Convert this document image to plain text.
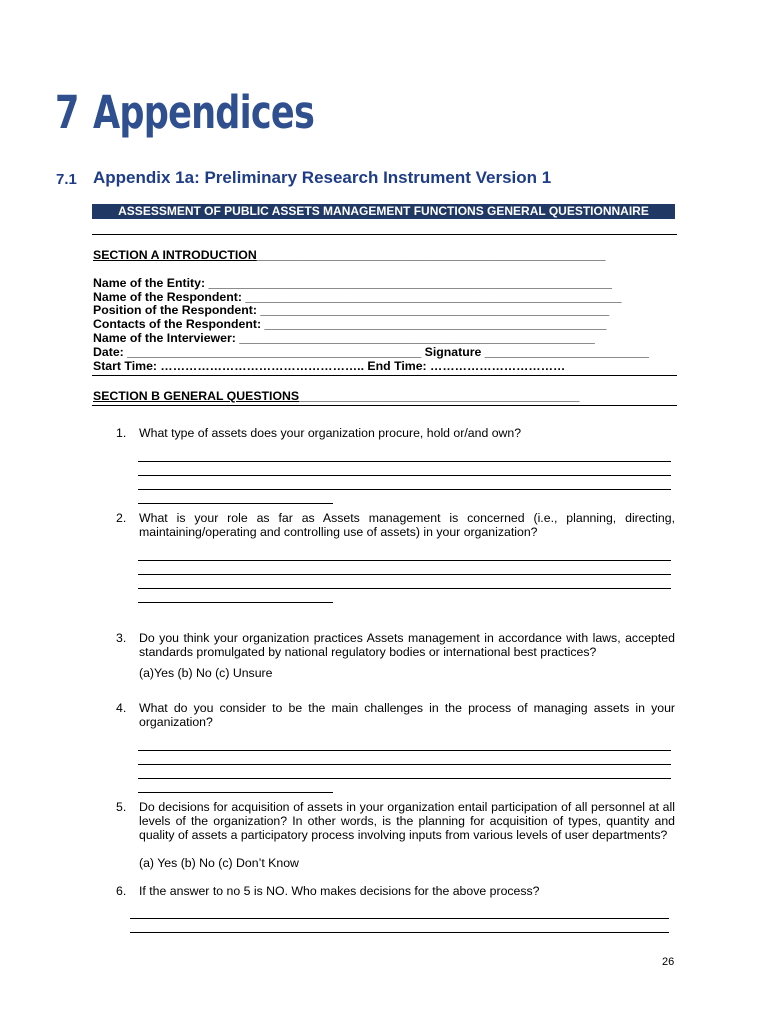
7 Appendices
7.1 Appendix 1a: Preliminary Research Instrument Version 1
ASSESSMENT OF PUBLIC ASSETS MANAGEMENT FUNCTIONS GENERAL QUESTIONNAIRE
SECTION A INTRODUCTION___________________________________________________
Name of the Entity: ___________________________________________________________
Name of the Respondent: _______________________________________________________
Position of the Respondent: ___________________________________________________
Contacts of the Respondent: __________________________________________________
Name of the Interviewer: ____________________________________________________
Date: ___________________________________________ Signature ________________________
Start Time: ………………………………………….. End Time: ……………………………
SECTION B GENERAL QUESTIONS_________________________________________
1. What type of assets does your organization procure, hold or/and own?
2. What is your role as far as Assets management is concerned (i.e., planning, directing, maintaining/operating and controlling use of assets) in your organization?
3. Do you think your organization practices Assets management in accordance with laws, accepted standards promulgated by national regulatory bodies or international best practices?
(a)Yes (b) No (c) Unsure
4. What do you consider to be the main challenges in the process of managing assets in your organization?
5. Do decisions for acquisition of assets in your organization entail participation of all personnel at all levels of the organization? In other words, is the planning for acquisition of types, quantity and quality of assets a participatory process involving inputs from various levels of user departments?
(a) Yes (b) No (c) Don’t Know
6. If the answer to no 5 is NO. Who makes decisions for the above process?
26
